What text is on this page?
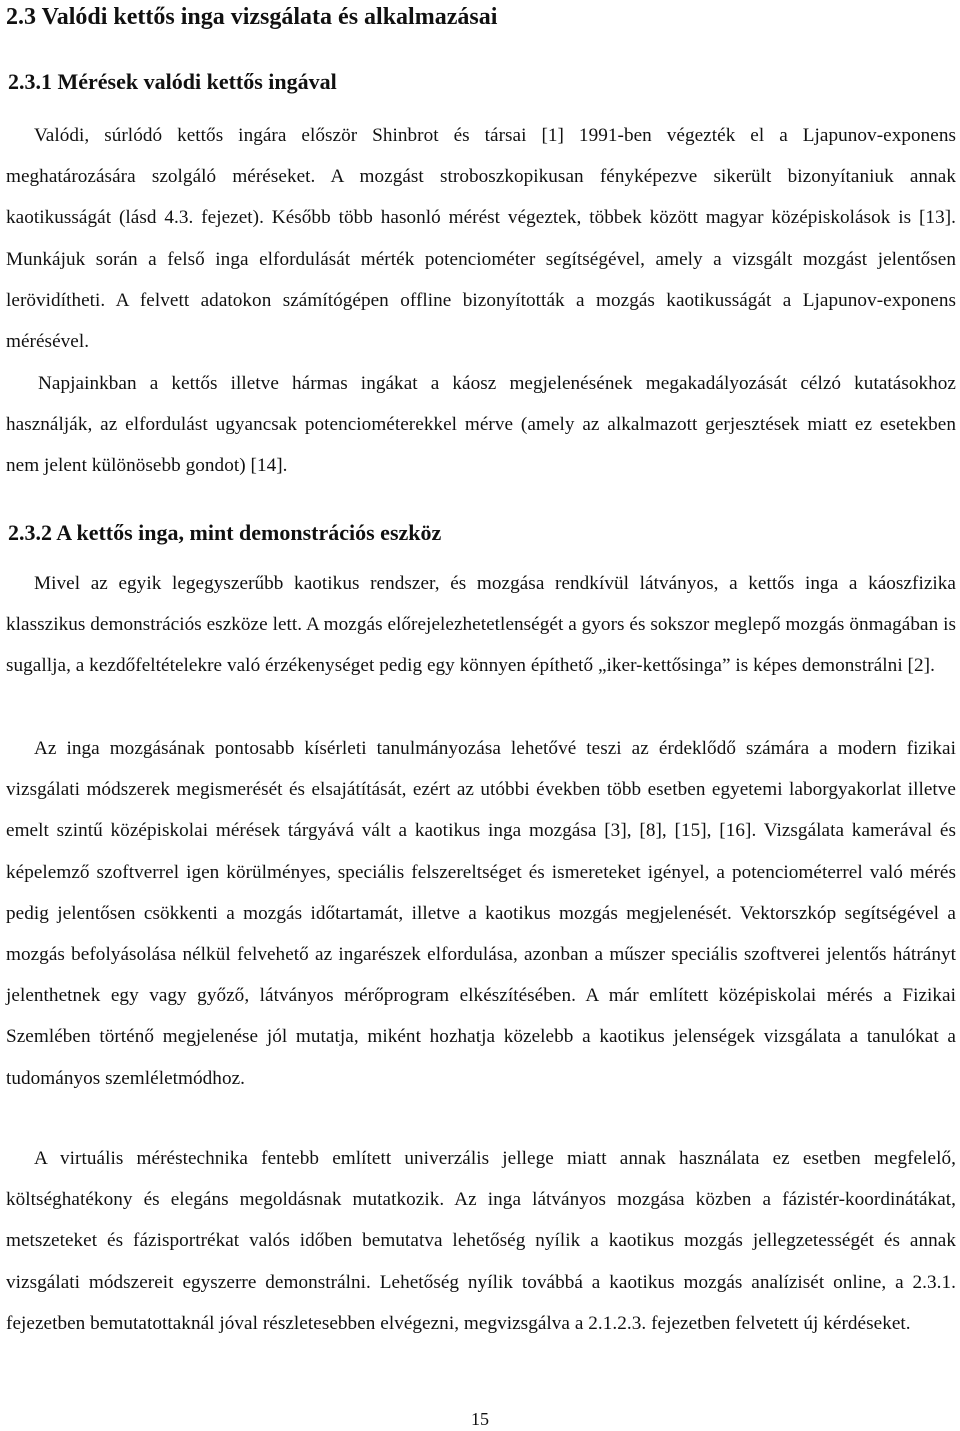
2.3 Valódi kettős inga vizsgálata és alkalmazásai
2.3.1 Mérések valódi kettős ingával

Valódi, súrlódó kettős ingára először Shinbrot és társai [1] 1991-ben végezték el a Ljapunov-exponens meghatározására szolgáló méréseket. A mozgást stroboszkopikusan fényképezve sikerült bizonyítaniuk annak kaotikusságát (lásd 4.3. fejezet). Később több hasonló mérést végeztek, többek között magyar középiskolások is [13]. Munkájuk során a felső inga elfordulását mérték potenciométer segítségével, amely a vizsgált mozgást jelentősen lerövidítheti. A felvett adatokon számítógépen offline bizonyították a mozgás kaotikusságát a Ljapunov-exponens mérésével.

Napjainkban a kettős illetve hármas ingákat a káosz megjelenésének megakadályozását célzó kutatásokhoz használják, az elfordulást ugyancsak potenciométerekkel mérve (amely az alkalmazott gerjesztések miatt ez esetekben nem jelent különösebb gondot) [14].

2.3.2 A kettős inga, mint demonstrációs eszköz

Mivel az egyik legegyszerűbb kaotikus rendszer, és mozgása rendkívül látványos, a kettős inga a káoszfizika klasszikus demonstrációs eszköze lett. A mozgás előrejelezhetetlenségét a gyors és sokszor meglepő mozgás önmagában is sugallja, a kezdőfeltételekre való érzékenységet pedig egy könnyen építhető „iker-kettősinga” is képes demonstrálni [2].

Az inga mozgásának pontosabb kísérleti tanulmányozása lehetővé teszi az érdeklődő számára a modern fizikai vizsgálati módszerek megismerését és elsajátítását, ezért az utóbbi években több esetben egyetemi laborgyakorlat illetve emelt szintű középiskolai mérések tárgyává vált a kaotikus inga mozgása [3], [8], [15], [16]. Vizsgálata kamerával és képelemző szoftverrel igen körülményes, speciális felszereltséget és ismereteket igényel, a potenciométerrel való mérés pedig jelentősen csökkenti a mozgás időtartamát, illetve a kaotikus mozgás megjelenését. Vektorszkóp segítségével a mozgás befolyásolása nélkül felvehető az ingarészek elfordulása, azonban a műszer speciális szoftverei jelentős hátrányt jelenthetnek egy vagy győző, látványos mérőprogram elkészítésében. A már említett középiskolai mérés a Fizikai Szemlében történő megjelenése jól mutatja, miként hozhatja közelebb a kaotikus jelenségek vizsgálata a tanulókat a tudományos szemléletmódhoz.

A virtuális méréstechnika fentebb említett univerzális jellege miatt annak használata ez esetben megfelelő, költséghatékony és elegáns megoldásnak mutatkozik. Az inga látványos mozgása közben a fázistér-koordinátákat, metszeteket és fázisportrékat valós időben bemutatva lehetőség nyílik a kaotikus mozgás jellegzetességét és annak vizsgálati módszereit egyszerre demonstrálni. Lehetőség nyílik továbbá a kaotikus mozgás analízisét online, a 2.3.1. fejezetben bemutatottaknál jóval részletesebben elvégezni, megvizsgálva a 2.1.2.3. fejezetben felvetett új kérdéseket.

15
